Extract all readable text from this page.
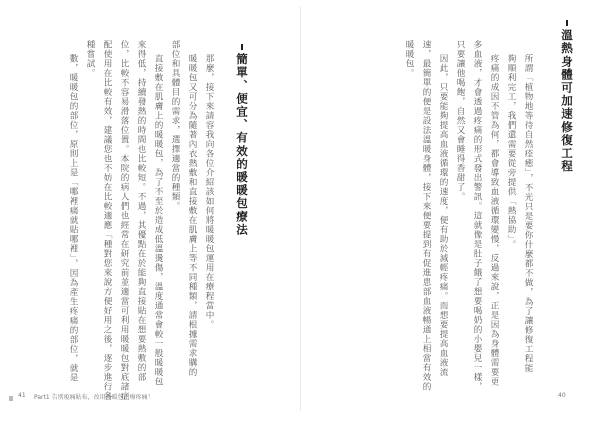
溫熱身體可加速修復工程
所謂「植物地等待自然痊癒」，不光只是要你什麼都不做，為了讓修復工程能
夠順利完工，我們還需要從旁提供「熱協助」。
疼痛的成因不管為何，都會導致血液循環變慢，反過來說，正是因為身體需要更
多血液，才會透過疼痛的形式發出警訊。這就像是肚子餓了想要喝奶的小嬰兒一樣，
只要讓他喝飽，自然又會睡得香甜了。
因此，只要能夠提高血液循環的速度，便有助於減輕疼痛。而想要提高血液流
速，最簡單的便是設法溫暖身體，接下來便要提到有促進患部血液暢通上相當有效的
暖暖包。
40
簡單、便宜、有效的暖暖包療法
那麼，接下來請容我向各位介紹該如何將暖暖包運用在療程當中。
暖暖包又可分為隨著內衣熱敷和直接敷在肌膚上等不同種類，請根據需求購的
部位和具體目的需求，選擇適當的種類。
直接敷在肌膚上的暖暖包，為了不至於造成低溫燙傷，溫度通常會較一般暖暖包
來得低，持續發熱的時間也比較短。不過，其優點在於能夠直接貼在想要熱敷的部
位，比較不容易滑落位置。本院的病人們也經常在研究前並適當可利用暖暖包對底諸症
配使用在比較有效，建議您也不妨在比較適應「種對您來說方便好用之後，逐步進行各
種嘗試。
數，暖暖包的部位，原則上是「哪裡痛就貼哪裡」，因為產生疼痛的部位，就是
41 Part1 告別痠痛貼布，改用暖暖包治療疼痛！
